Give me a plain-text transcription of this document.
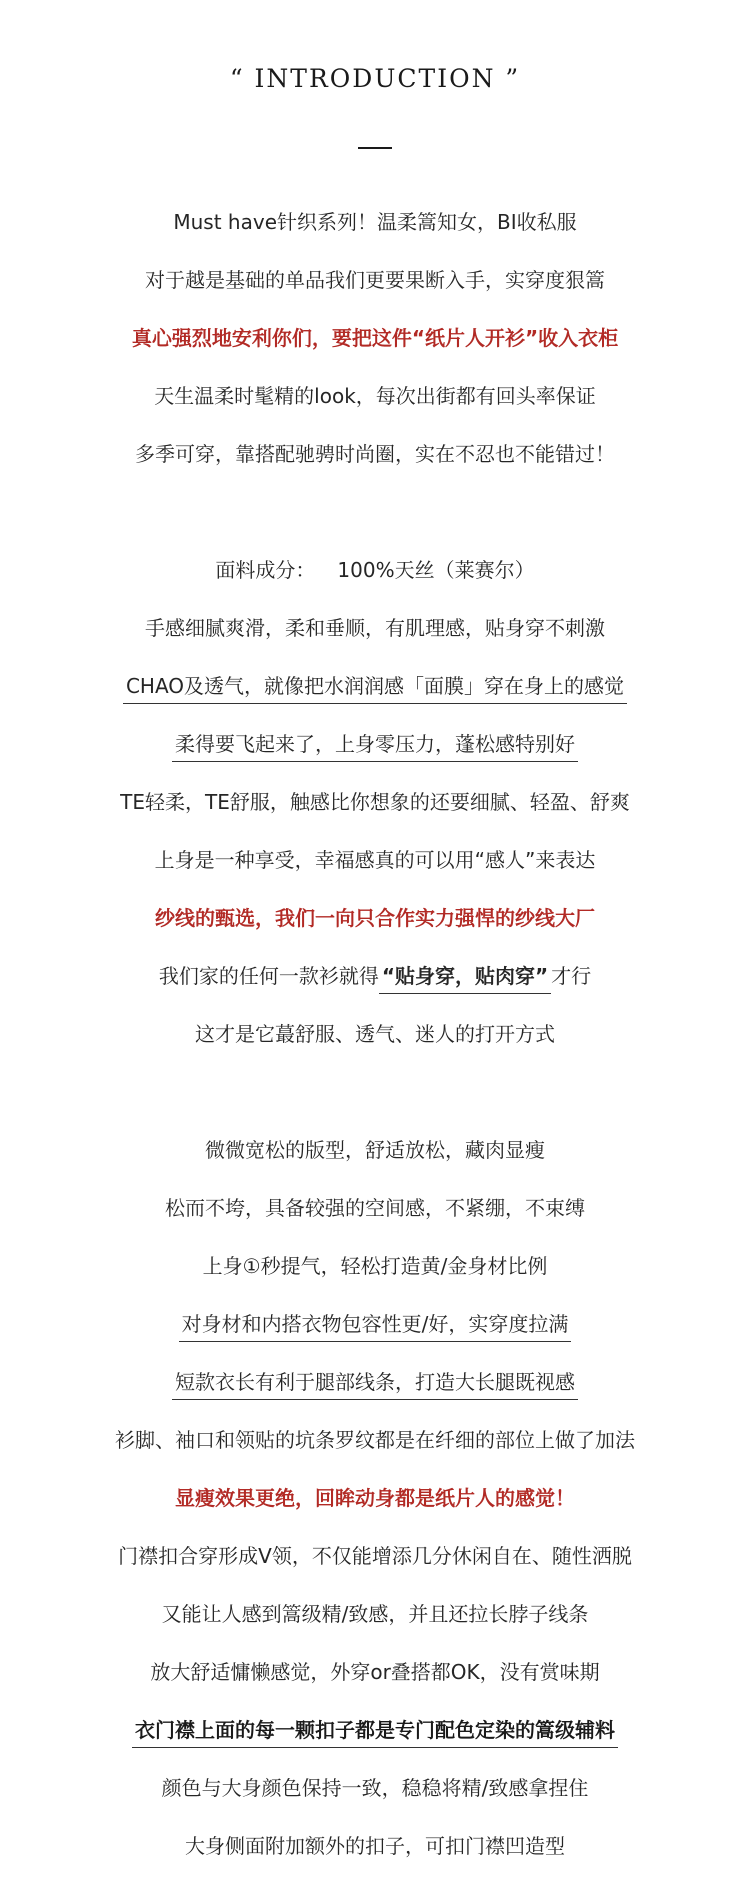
“ INTRODUCTION ”
Must have针织系列！温柔篙知女，BI收私服
对于越是基础的单品我们更要果断入手，实穿度狠篙
真心强烈地安利你们，要把这件“纸片人开衫”收入衣柜
天生温柔时髦精的look，每次出街都有回头率保证
多季可穿，靠搭配驰骋时尚圈，实在不忍也不能错过！
面料成分： 100%天丝（莱赛尔）
手感细腻爽滑，柔和垂顺，有肌理感，贴身穿不刺激
CHAO及透气，就像把水润润感「面膜」穿在身上的感觉
柔得要飞起来了，上身零压力，蓬松感特别好
TE轻柔，TE舒服，触感比你想象的还要细腻、轻盈、舒爽
上身是一种享受，幸福感真的可以用“感人”来表达
纱线的甄选，我们一向只合作实力强悍的纱线大厂
我们家的任何一款衫就得 “贴身穿，贴肉穿” 才行
这才是它蕞舒服、透气、迷人的打开方式
微微宽松的版型，舒适放松，藏肉显瘦
松而不垮，具备较强的空间感，不紧绷，不束缚
上身①秒提气，轻松打造黄/金身材比例
对身材和内搭衣物包容性更/好，实穿度拉满
短款衣长有利于腿部线条，打造大长腿既视感
衫脚、袖口和领贴的坑条罗纹都是在纤细的部位上做了加法
显瘦效果更绝，回眸动身都是纸片人的感觉！
门襟扣合穿形成V领，不仅能增添几分休闲自在、随性洒脱
又能让人感到篙级精/致感，并且还拉长脖子线条
放大舒适慵懒感觉，外穿or叠搭都OK，没有赏味期
衣门襟上面的每一颗扣子都是专门配色定染的篙级辅料
颜色与大身颜色保持一致，稳稳将精/致感拿捏住
大身侧面附加额外的扣子，可扣门襟凹造型
